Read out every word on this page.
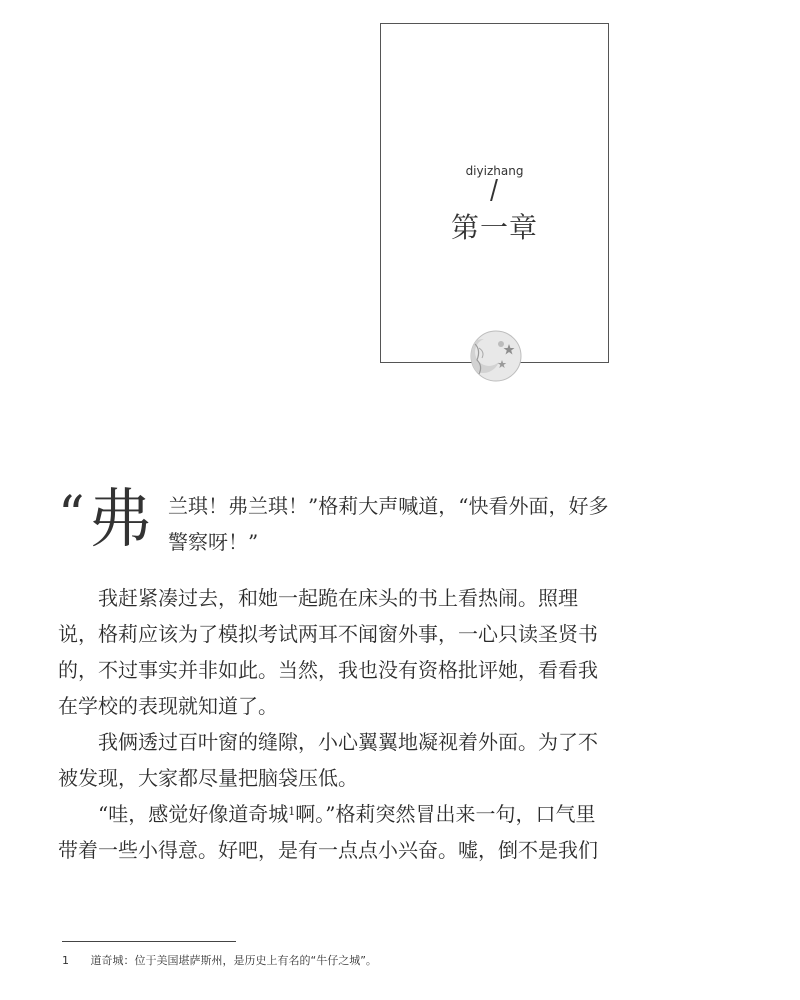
diyizhang
第一章
“ 弗 兰琪！弗兰琪！”格莉大声喊道，“快看外面，好多
警察呀！”

我赶紧凑过去，和她一起跪在床头的书上看热闹。照理

说，格莉应该为了模拟考试两耳不闻窗外事，一心只读圣贤书

的，不过事实并非如此。当然，我也没有资格批评她，看看我

在学校的表现就知道了。

我俩透过百叶窗的缝隙，小心翼翼地凝视着外面。为了不

被发现，大家都尽量把脑袋压低。

“哇，感觉好像道奇城$^1$啊。”格莉突然冒出来一句，口气里

带着一些小得意。好吧，是有一点点小兴奋。嘘，倒不是我们

1 道奇城：位于美国堪萨斯州，是历史上有名的“牛仔之城”。
